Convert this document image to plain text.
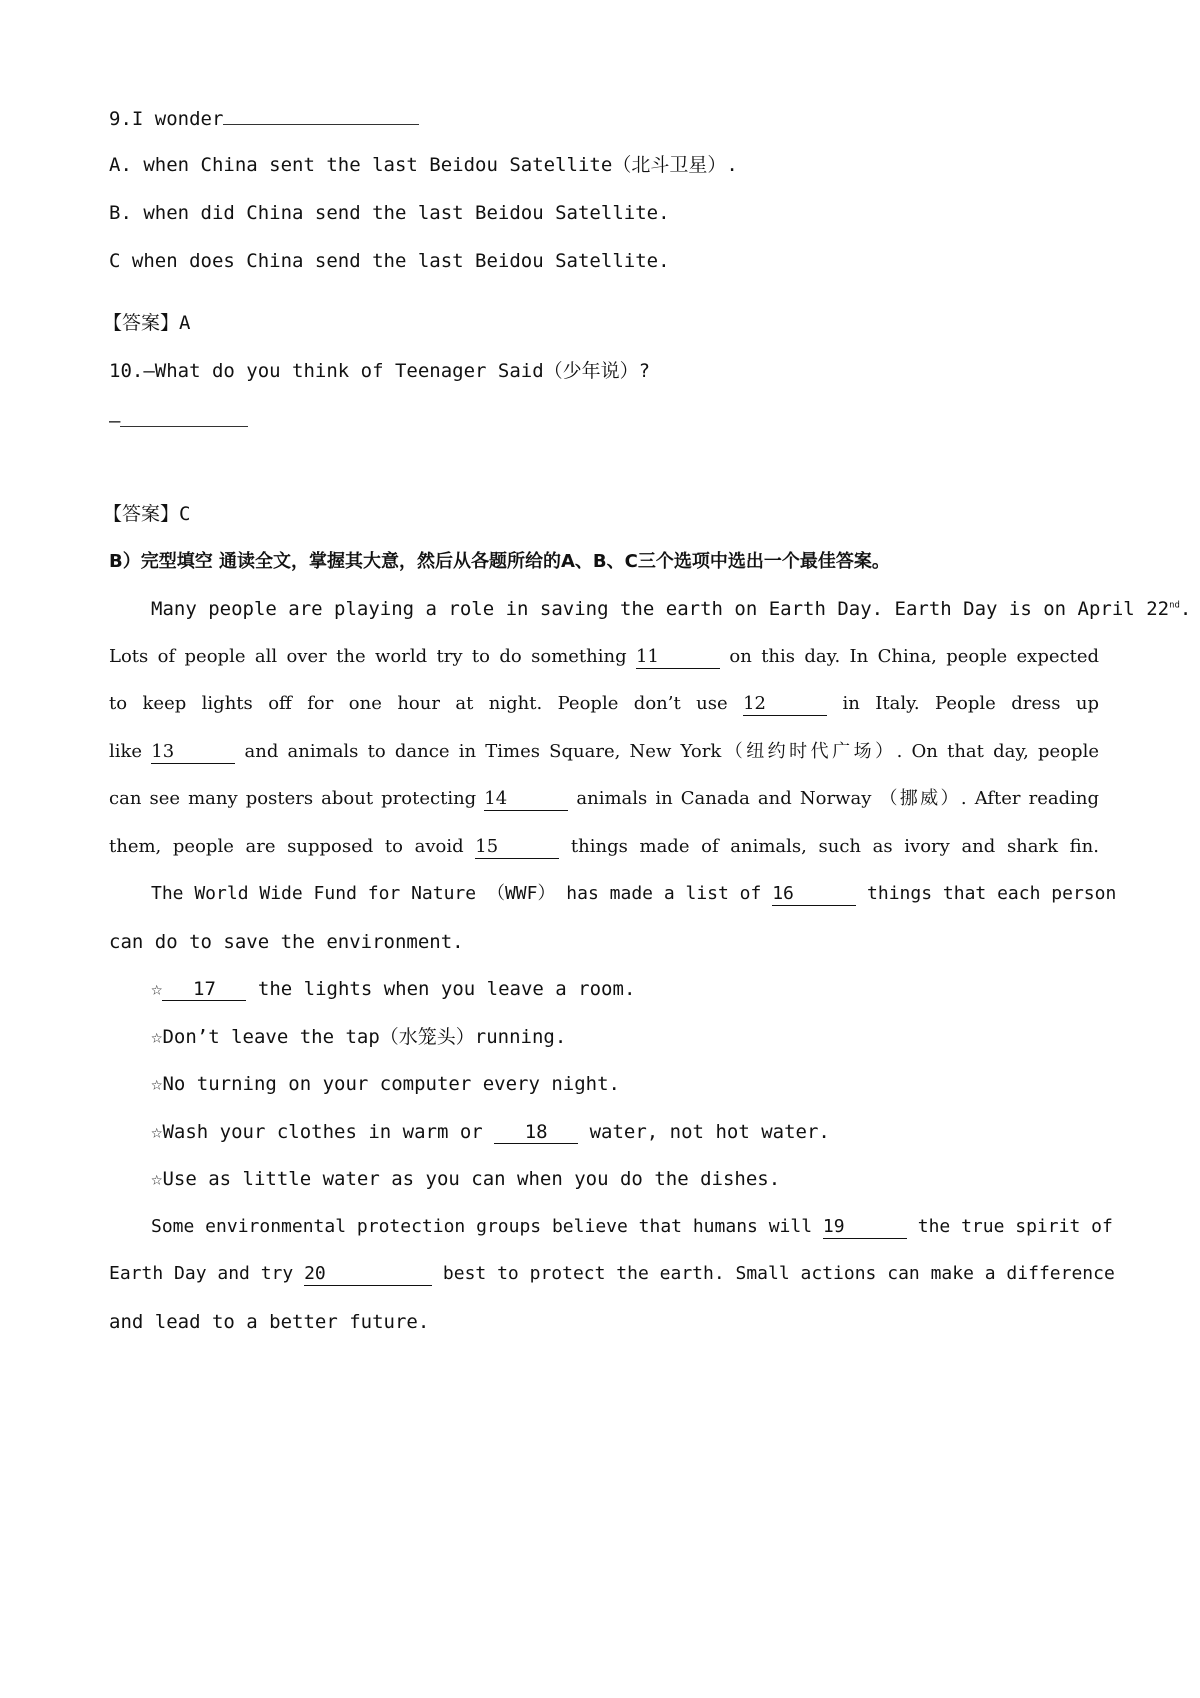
9.I wonder
A. when China sent the last Beidou Satellite（北斗卫星）.
B. when did China send the last Beidou Satellite.
C when does China send the last Beidou Satellite.
【答案】A
10.—What do you think of Teenager Said（少年说）?
—
【答案】C
B）完型填空 通读全文，掌握其大意，然后从各题所给的A、B、C三个选项中选出一个最佳答案。
Many people are playing a role in saving the earth on Earth Day. Earth Day is on April 22nd.
Lots of people all over the world try to do something 11	on this day. In China, people expected
to keep lights off for one hour at night. People don’t use 12	in Italy. People dress up
like 13	and animals to dance in Times Square, New York（纽约时代广场）. On that day, people
can see many posters about protecting 14	animals in Canada and Norway （挪威）. After reading
them, people are supposed to avoid 15	things made of animals, such as ivory and shark fin.
The World Wide Fund for Nature （WWF） has made a list of 16	things that each person
can do to save the environment.
☆ 17 the lights when you leave a room.
☆Don’t leave the tap（水笼头）running.
☆No turning on your computer every night.
☆Wash your clothes in warm or 18 water, not hot water.
☆Use as little water as you can when you do the dishes.
Some environmental protection groups believe that humans will 19	the true spirit of
Earth Day and try 20	best to protect the earth. Small actions can make a difference
and lead to a better future.
